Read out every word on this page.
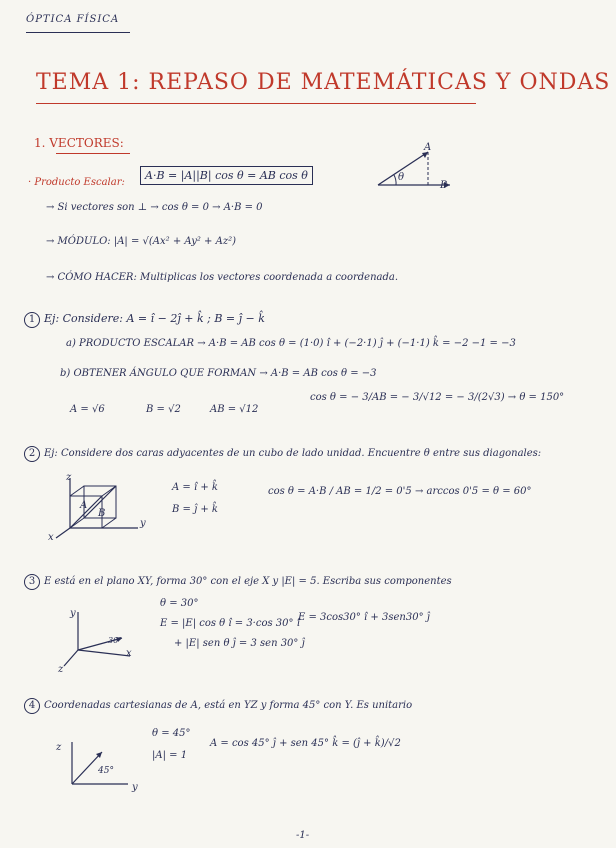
ÓPTICA FÍSICA
TEMA 1: REPASO DE MATEMÁTICAS Y ONDAS
1. VECTORES:	A
B
θ
· Producto Escalar:
A·B = |A||B| cos θ = AB cos θ
→ Si vectores son ⊥ → cos θ = 0 → A·B = 0
→ MÓDULO: |A| = √(Ax² + Ay² + Az²)
→ CÓMO HACER: Multiplicas los vectores coordenada a coordenada.
1 Ej: Considere: A = î − 2ĵ + k̂ ; B = ĵ − k̂
a) PRODUCTO ESCALAR → A·B = AB cos θ = (1·0) î + (−2·1) ĵ + (−1·1) k̂ = −2 −1 = −3
b) OBTENER ÁNGULO QUE FORMAN → A·B = AB cos θ = −3
cos θ = − 3/AB = − 3/√12 = − 3/(2√3) → θ = 150°
A = √6	B = √2	AB = √12
2 Ej: Considere dos caras adyacentes de un cubo de lado unidad. Encuentre θ entre sus diagonales:
z
y
x
A
B
A = î + k̂
B = ĵ + k̂
cos θ = A·B / AB = 1/2 = 0'5 → arccos 0'5 = θ = 60°
3 E está en el plano XY, forma 30° con el eje X y |E| = 5. Escriba sus componentes
y
x
z
30°
θ = 30°
E = |E| cos θ î = 3·cos 30° î
+ |E| sen θ ĵ = 3 sen 30° ĵ
E = 3cos30° î + 3sen30° ĵ
4 Coordenadas cartesianas de A, está en YZ y forma 45° con Y. Es unitario
z
y
45°
θ = 45°
|A| = 1
A = cos 45° ĵ + sen 45° k̂ = (ĵ + k̂)/√2
-1-
